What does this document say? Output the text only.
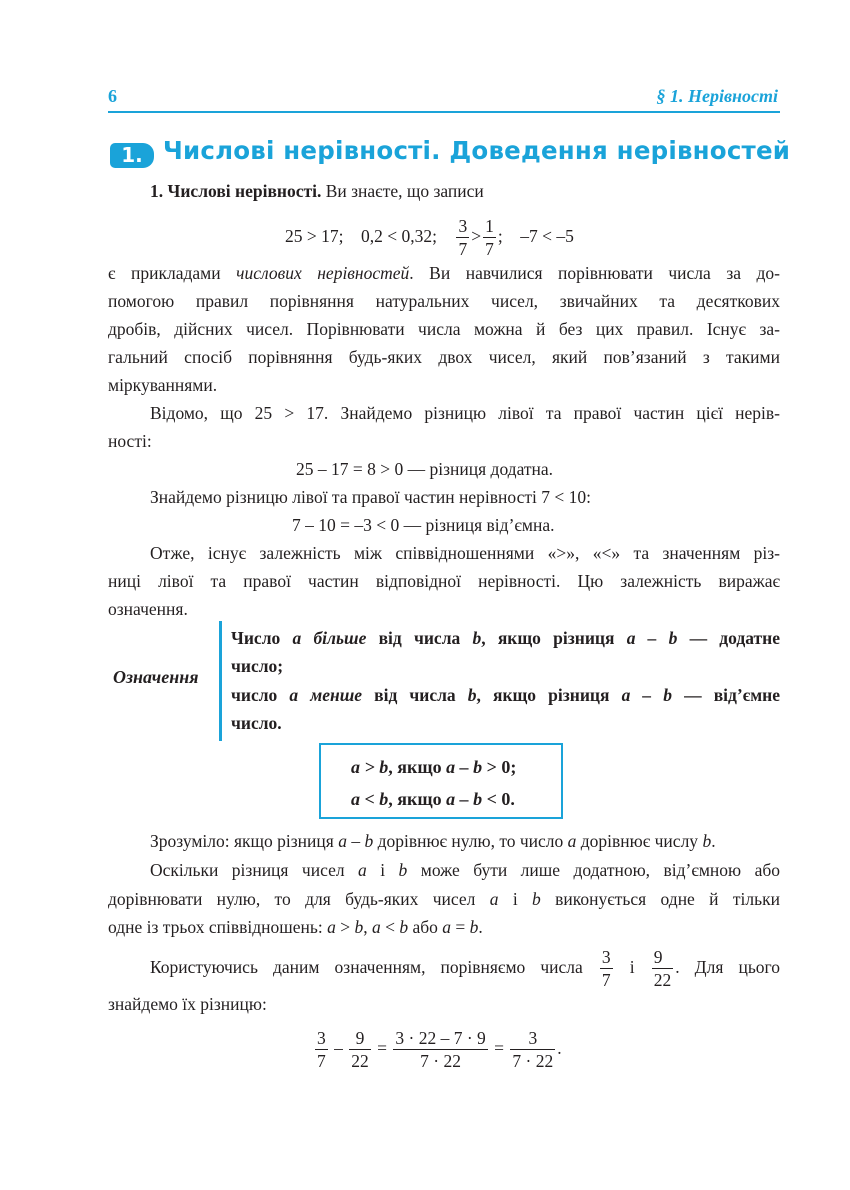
6	§ 1. Нерівності
1. Числові нерівності. Доведення нерівностей
1. Числові нерівності. Ви знаєте, що записи
25 > 17; 0,2 < 0,32; $\frac{3}{7} > \frac{1}{7}$ ; –7 < –5
є прикладами числових нерівностей. Ви навчилися порівнювати числа за до-
помогою правил порівняння натуральних чисел, звичайних та десяткових
дробів, дійсних чисел. Порівнювати числа можна й без цих правил. Існує за-
гальний спосіб порівняння будь-яких двох чисел, який пов’язаний з такими
міркуваннями.
Відомо, що 25 > 17. Знайдемо різницю лівої та правої частин цієї нерів-
ності:
25 – 17 = 8 > 0 — різниця додатна.
Знайдемо різницю лівої та правої частин нерівності 7 < 10:
7 – 10 = –3 < 0 — різниця від’ємна.
Отже, існує залежність між співвідношеннями «>», «<» та значенням різ-
ниці лівої та правої частин відповідної нерівності. Цю залежність виражає
означення.
Означення
Число a більше від числа b, якщо різниця a – b — додатне
число;
число a менше від числа b, якщо різниця a – b — від’ємне
число.
a > b, якщо a – b > 0;
a < b, якщо a – b < 0.
Зрозуміло: якщо різниця a – b дорівнює нулю, то число a дорівнює числу b.
Оскільки різниця чисел a і b може бути лише додатною, від’ємною або
дорівнювати нулю, то для будь-яких чисел a і b виконується одне й тільки
одне із трьох співвідношень: a > b, a < b або a = b.
Користуючись даним означенням, порівняємо числа $\frac{3}{7}$ і $\frac{9}{22}$ . Для цього
знайдемо їх різницю:
$\frac{3}{7} - \frac{9}{22} = \frac{3 \cdot 22 - 7 \cdot 9}{7 \cdot 22} = \frac{3}{7 \cdot 22}$ .
